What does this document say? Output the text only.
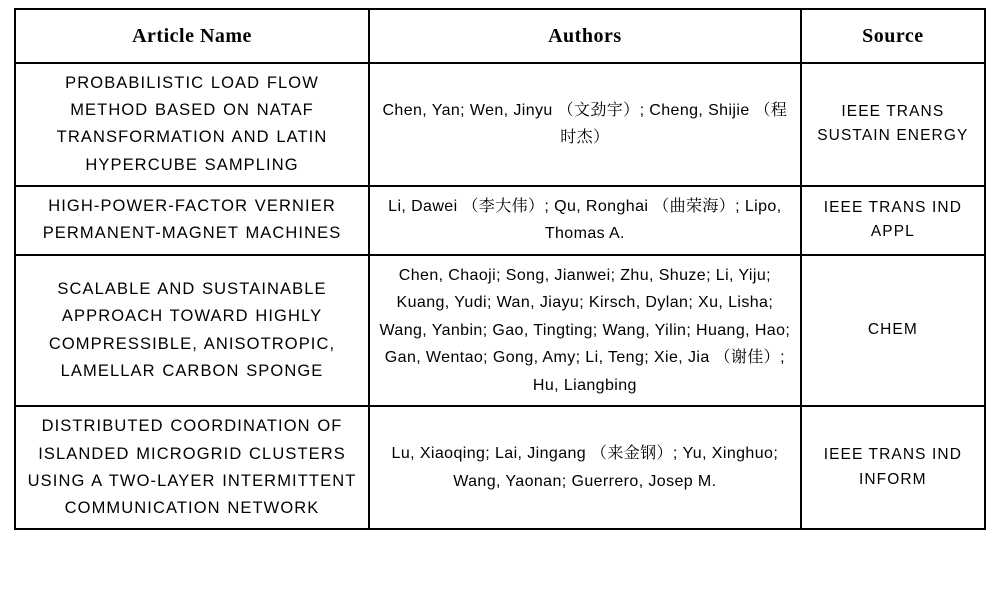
Article Name	Authors	Source
PROBABILISTIC LOAD FLOW METHOD BASED ON NATAF TRANSFORMATION AND LATIN HYPERCUBE SAMPLING	Chen, Yan; Wen, Jinyu （文劲宇）; Cheng, Shijie （程时杰）	IEEE TRANS SUSTAIN ENERGY
HIGH-POWER-FACTOR VERNIER PERMANENT-MAGNET MACHINES	Li, Dawei （李大伟）; Qu, Ronghai （曲荣海）; Lipo, Thomas A.	IEEE TRANS IND APPL
SCALABLE AND SUSTAINABLE APPROACH TOWARD HIGHLY COMPRESSIBLE, ANISOTROPIC, LAMELLAR CARBON SPONGE	Chen, Chaoji; Song, Jianwei; Zhu, Shuze; Li, Yiju; Kuang, Yudi; Wan, Jiayu; Kirsch, Dylan; Xu, Lisha; Wang, Yanbin; Gao, Tingting; Wang, Yilin; Huang, Hao; Gan, Wentao; Gong, Amy; Li, Teng; Xie, Jia （谢佳）; Hu, Liangbing	CHEM
DISTRIBUTED COORDINATION OF ISLANDED MICROGRID CLUSTERS USING A TWO-LAYER INTERMITTENT COMMUNICATION NETWORK	Lu, Xiaoqing; Lai, Jingang （来金钢）; Yu, Xinghuo; Wang, Yaonan; Guerrero, Josep M.	IEEE TRANS IND INFORM
